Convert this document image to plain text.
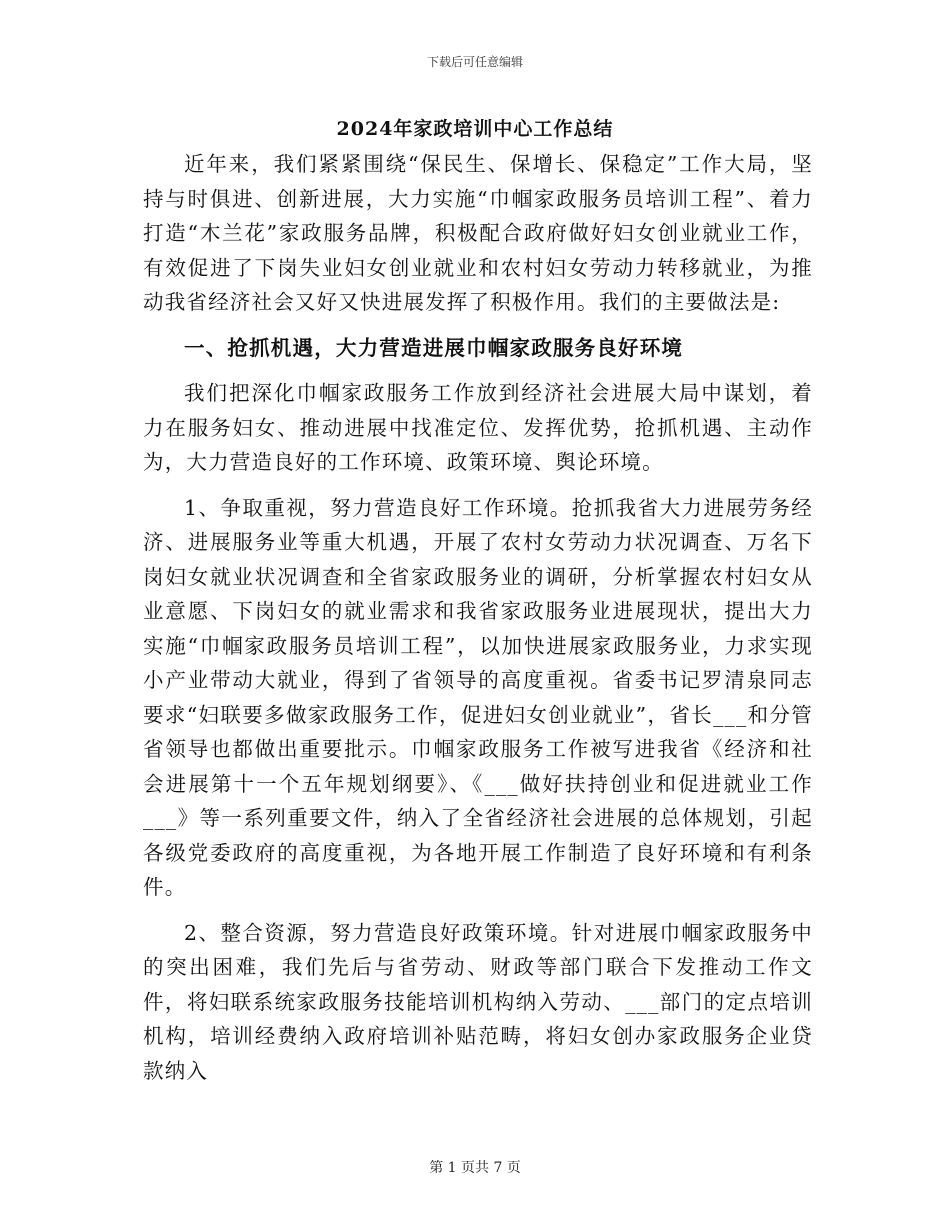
下载后可任意编辑
2024年家政培训中心工作总结

近年来，我们紧紧围绕“保民生、保增长、保稳定”工作大局，坚持与时俱进、创新进展，大力实施“巾帼家政服务员培训工程”、着力打造“木兰花”家政服务品牌，积极配合政府做好妇女创业就业工作，有效促进了下岗失业妇女创业就业和农村妇女劳动力转移就业，为推动我省经济社会又好又快进展发挥了积极作用。我们的主要做法是:

一、抢抓机遇，大力营造进展巾帼家政服务良好环境

我们把深化巾帼家政服务工作放到经济社会进展大局中谋划，着力在服务妇女、推动进展中找准定位、发挥优势，抢抓机遇、主动作为，大力营造良好的工作环境、政策环境、舆论环境。

1、争取重视，努力营造良好工作环境。抢抓我省大力进展劳务经济、进展服务业等重大机遇，开展了农村女劳动力状况调查、万名下岗妇女就业状况调查和全省家政服务业的调研，分析掌握农村妇女从业意愿、下岗妇女的就业需求和我省家政服务业进展现状，提出大力实施“巾帼家政服务员培训工程”，以加快进展家政服务业，力求实现小产业带动大就业，得到了省领导的高度重视。省委书记罗清泉同志要求“妇联要多做家政服务工作，促进妇女创业就业”，省长___和分管省领导也都做出重要批示。巾帼家政服务工作被写进我省《经济和社会进展第十一个五年规划纲要》、《___做好扶持创业和促进就业工作___》等一系列重要文件，纳入了全省经济社会进展的总体规划，引起各级党委政府的高度重视，为各地开展工作制造了良好环境和有利条件。

2、整合资源，努力营造良好政策环境。针对进展巾帼家政服务中的突出困难，我们先后与省劳动、财政等部门联合下发推动工作文件，将妇联系统家政服务技能培训机构纳入劳动、___部门的定点培训机构，培训经费纳入政府培训补贴范畴，将妇女创办家政服务企业贷款纳入

第 1 页共 7 页
